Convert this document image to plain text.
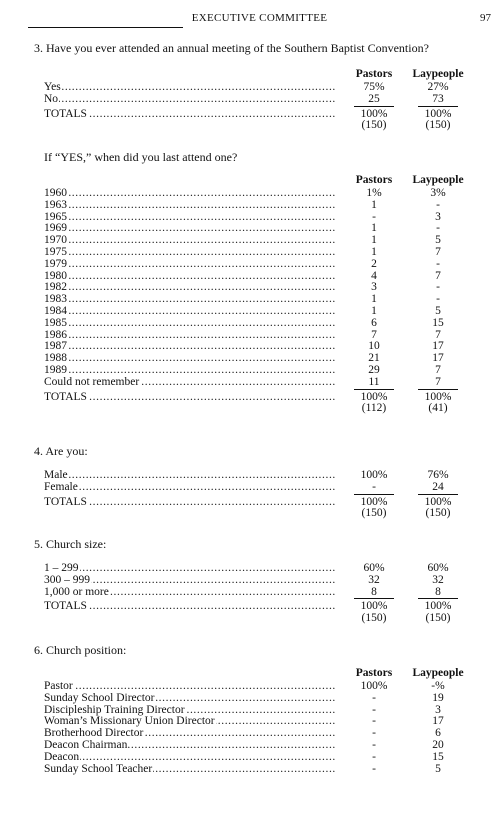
EXECUTIVE COMMITTEE	97
3. Have you ever attended an annual meeting of the Southern Baptist Convention?
Pastors	Laypeople
Yes .....	75%	27%
No .....	25	73
TOTALS .....	100%	100%
(150)	(150)
If “YES,” when did you last attend one?
Pastors	Laypeople
1960 .....	1%	3%
1963 .....	1	-
1965 .....	-	3
1969 .....	1	-
1970 .....	1	5
1975 .....	1	7
1979 .....	2	-
1980 .....	4	7
1982 .....	3	-
1983 .....	1	-
1984 .....	1	5
1985 .....	6	15
1986 .....	7	7
1987 .....	10	17
1988 .....	21	17
1989 .....	29	7
Could not remember .....	11	7
TOTALS .....	100%	100%
(112)	(41)
4. Are you:
Male .....	100%	76%
Female .....	-	24
TOTALS .....	100%	100%
(150)	(150)
5. Church size:
1 – 299 .....	60%	60%
300 – 999 .....	32	32
1,000 or more .....	8	8
TOTALS .....	100%	100%
(150)	(150)
6. Church position:
Pastors	Laypeople
Pastor .....	100%	-%
Sunday School Director .....	-	19
Discipleship Training Director .....	-	3
Woman’s Missionary Union Director .....	-	17
Brotherhood Director .....	-	6
Deacon Chairman .....	-	20
Deacon .....	-	15
Sunday School Teacher .....	-	5
